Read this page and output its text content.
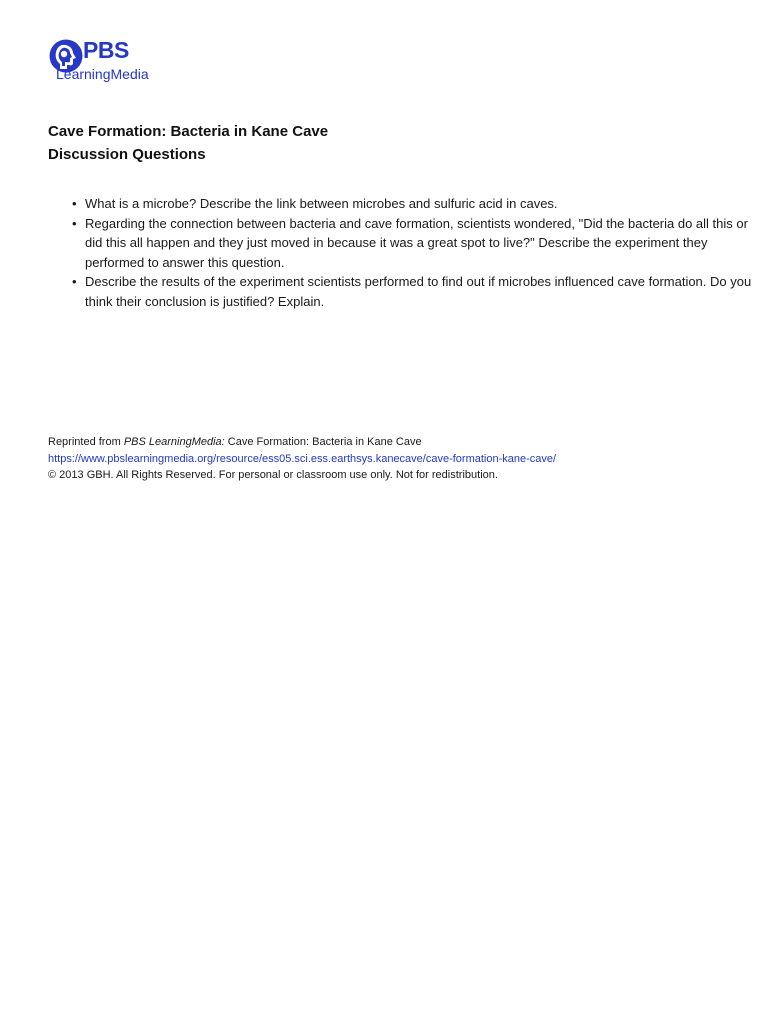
PBS
LearningMedia
Cave Formation: Bacteria in Kane Cave
Discussion Questions
• What is a microbe? Describe the link between microbes and sulfuric acid in caves.
• Regarding the connection between bacteria and cave formation, scientists wondered, "Did the bacteria do all this or did this all happen and they just moved in because it was a great spot to live?" Describe the experiment they performed to answer this question.
• Describe the results of the experiment scientists performed to find out if microbes influenced cave formation. Do you think their conclusion is justified? Explain.
Reprinted from PBS LearningMedia: Cave Formation: Bacteria in Kane Cave
https://www.pbslearningmedia.org/resource/ess05.sci.ess.earthsys.kanecave/cave-formation-kane-cave/
© 2013 GBH. All Rights Reserved. For personal or classroom use only. Not for redistribution.
